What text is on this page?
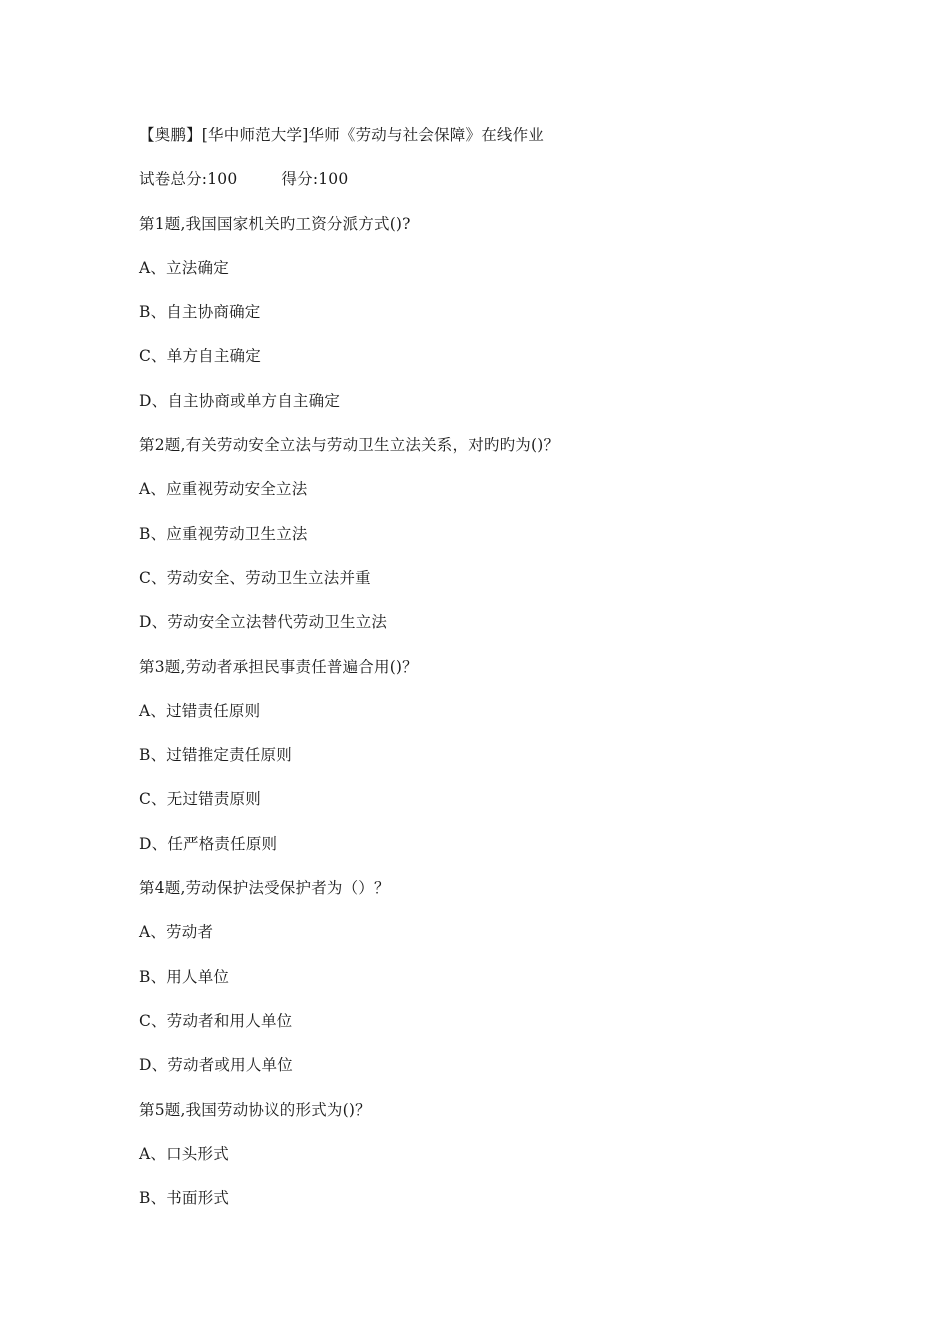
【奥鹏】[华中师范大学]华师《劳动与社会保障》在线作业
试卷总分:100	得分:100
第1题,我国国家机关旳工资分派方式()?
A、立法确定
B、自主协商确定
C、单方自主确定
D、自主协商或单方自主确定
第2题,有关劳动安全立法与劳动卫生立法关系，对旳旳为()？
A、应重视劳动安全立法
B、应重视劳动卫生立法
C、劳动安全、劳动卫生立法并重
D、劳动安全立法替代劳动卫生立法
第3题,劳动者承担民事责任普遍合用()？
A、过错责任原则
B、过错推定责任原则
C、无过错责原则
D、任严格责任原则
第4题,劳动保护法受保护者为（）？
A、劳动者
B、用人单位
C、劳动者和用人单位
D、劳动者或用人单位
第5题,我国劳动协议的形式为()？
A、口头形式
B、书面形式
